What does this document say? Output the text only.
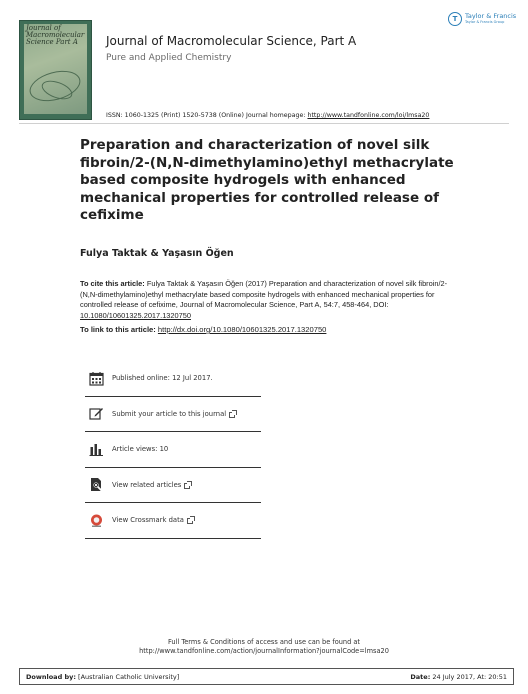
Journal of Macromolecular Science Part A	Journal of Macromolecular Science, Part A
Pure and Applied Chemistry
ISSN: 1060-1325 (Print) 1520-5738 (Online) Journal homepage: http://www.tandfonline.com/loi/lmsa20
T	Taylor & Francis
Taylor & Francis Group
Preparation and characterization of novel silk fibroin/2-(N,N-dimethylamino)ethyl methacrylate based composite hydrogels with enhanced mechanical properties for controlled release of cefixime
Fulya Taktak & Yaşasın Öğen
To cite this article: Fulya Taktak & Yaşasın Öğen (2017) Preparation and characterization of novel silk fibroin/2-(N,N-dimethylamino)ethyl methacrylate based composite hydrogels with enhanced mechanical properties for controlled release of cefixime, Journal of Macromolecular Science, Part A, 54:7, 458-464, DOI: 10.1080/10601325.2017.1320750
To link to this article: http://dx.doi.org/10.1080/10601325.2017.1320750
Published online: 12 Jul 2017.
Submit your article to this journal
Article views: 10
View related articles
View Crossmark data
Full Terms & Conditions of access and use can be found at
http://www.tandfonline.com/action/journalInformation?journalCode=lmsa20
Download by: [Australian Catholic University]	Date: 24 July 2017, At: 20:51
